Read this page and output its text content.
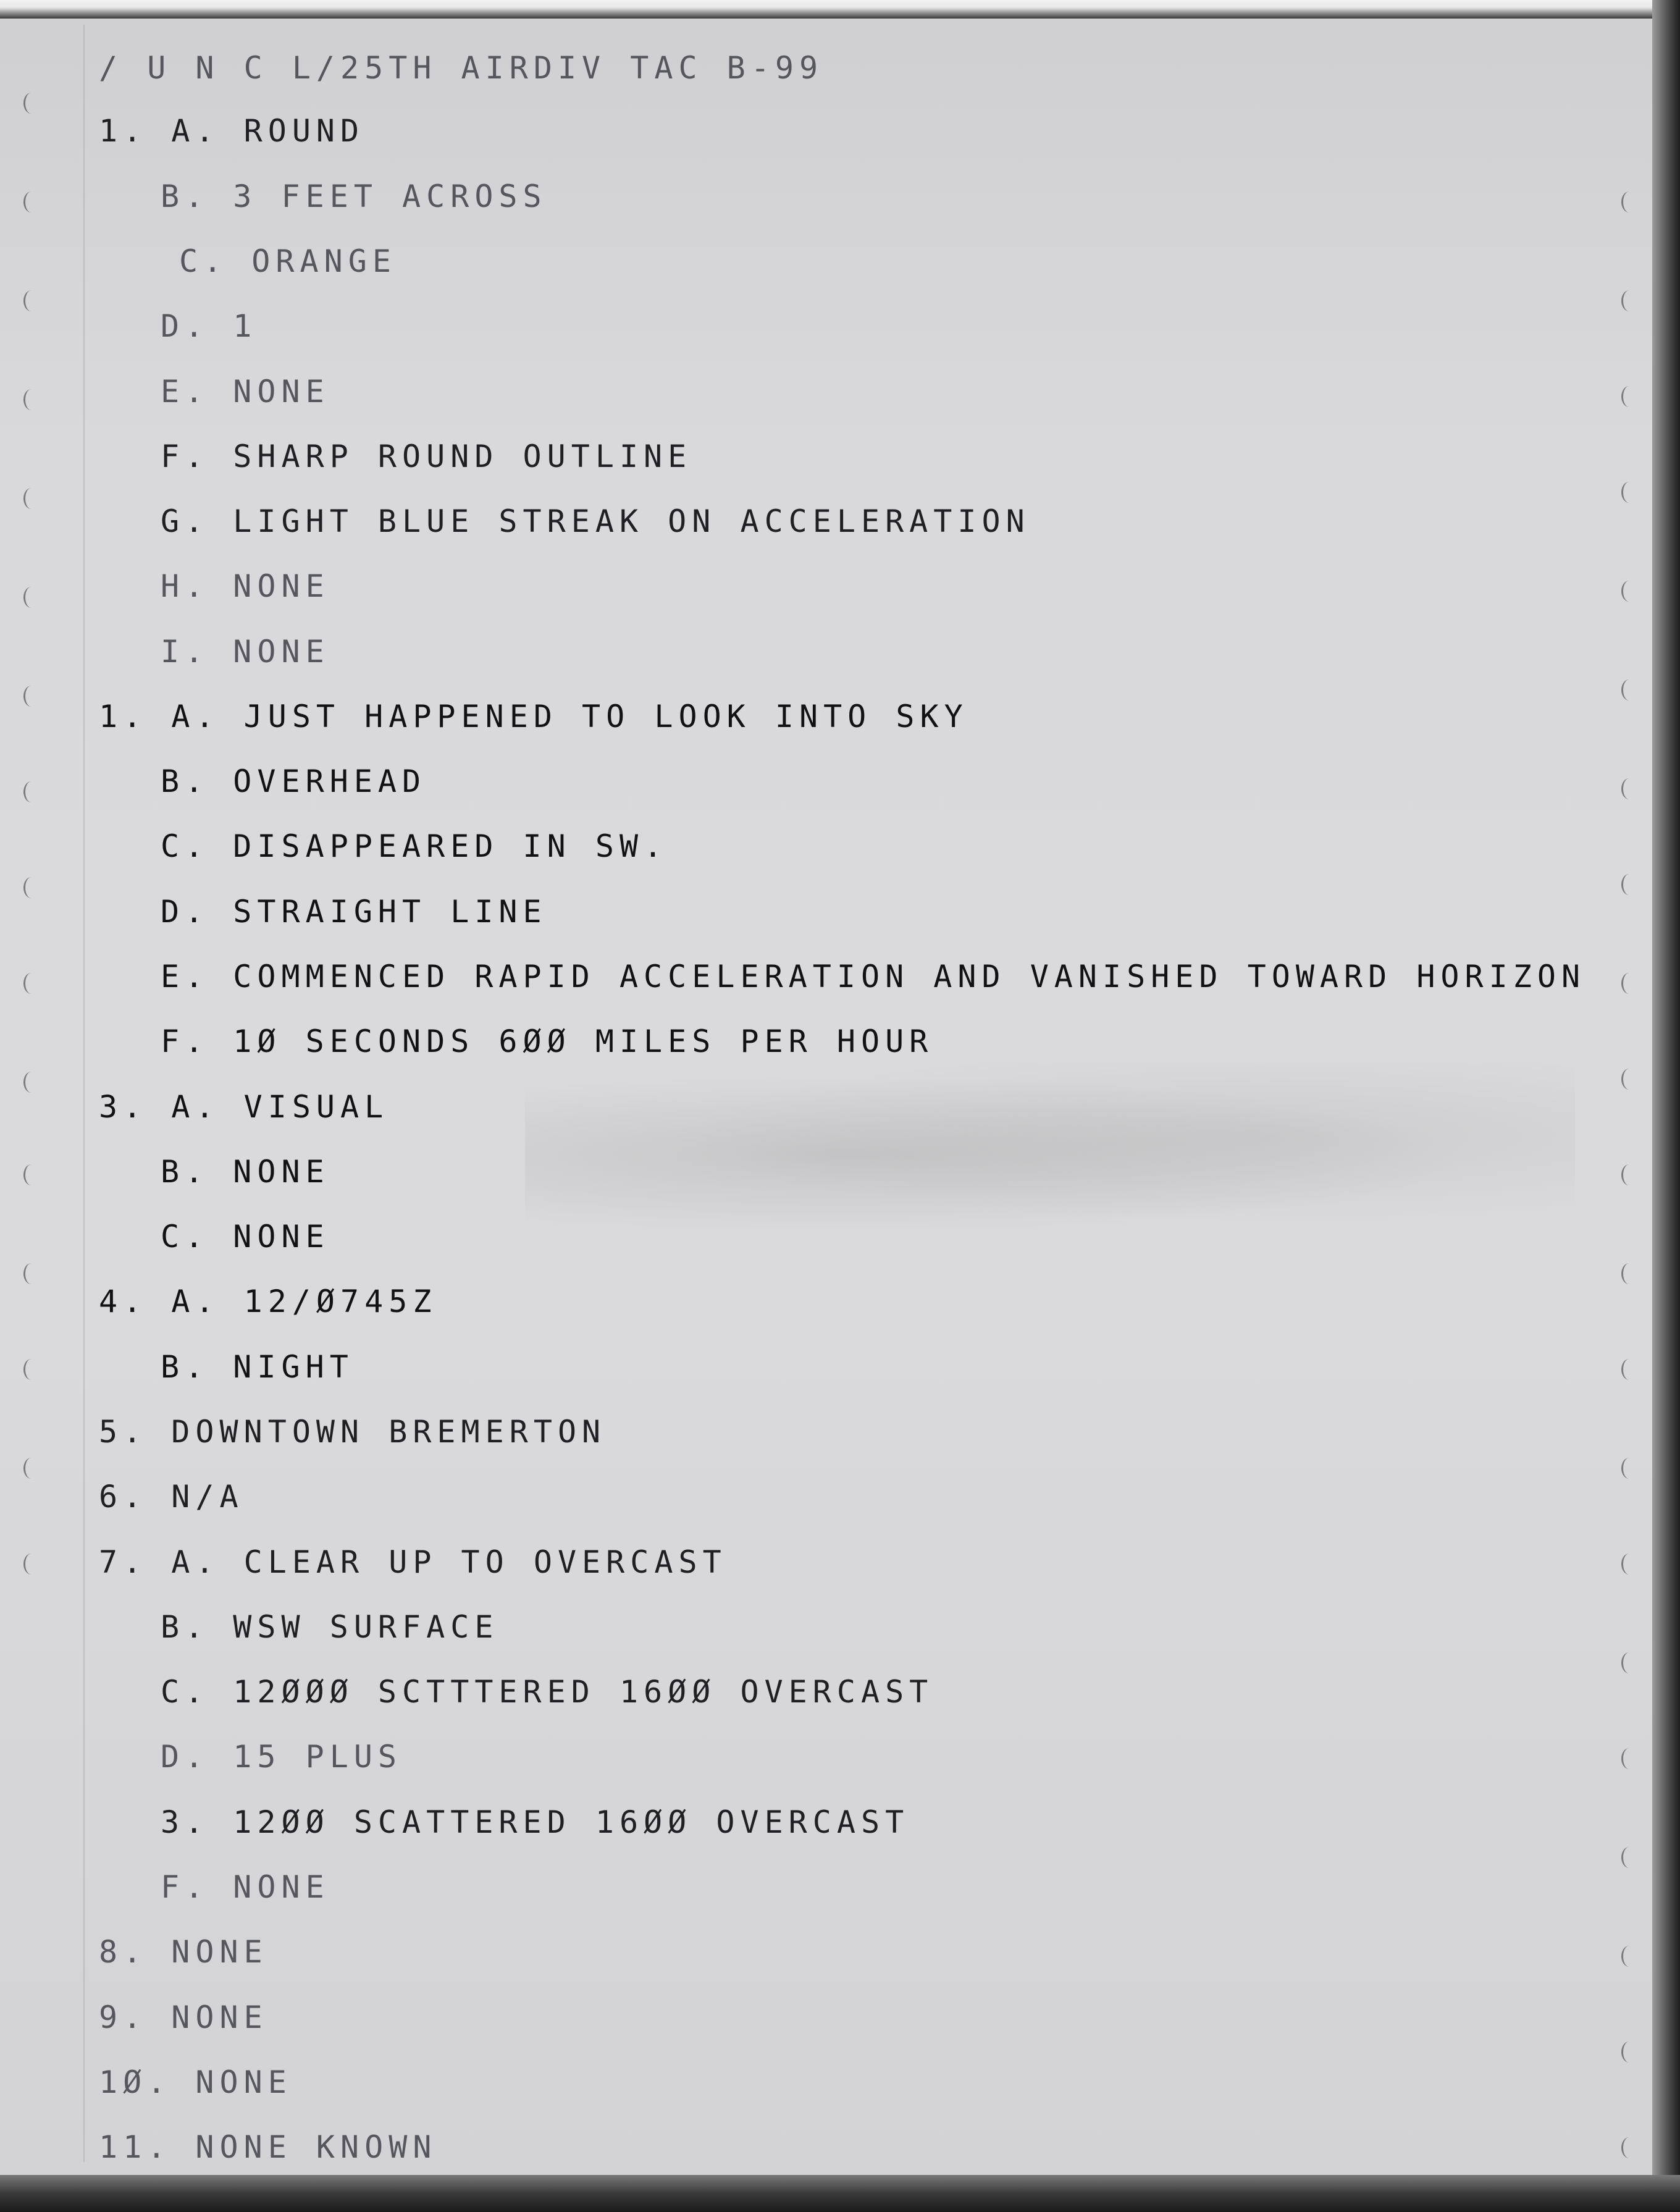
/ U N C L/25TH AIRDIV TAC B-99
1. A. ROUND
B. 3 FEET ACROSS
C. ORANGE
D. 1
E. NONE
F. SHARP ROUND OUTLINE
G. LIGHT BLUE STREAK ON ACCELERATION
H. NONE
I. NONE
1. A. JUST HAPPENED TO LOOK INTO SKY
B. OVERHEAD
C. DISAPPEARED IN SW.
D. STRAIGHT LINE
E. COMMENCED RAPID ACCELERATION AND VANISHED TOWARD HORIZON
F. 1Ø SECONDS 6ØØ MILES PER HOUR
3. A. VISUAL
B. NONE
C. NONE
4. A. 12/Ø745Z
B. NIGHT
5. DOWNTOWN BREMERTON
6. N/A
7. A. CLEAR UP TO OVERCAST
B. WSW SURFACE
C. 12ØØØ SCTTTERED 16ØØ OVERCAST
D. 15 PLUS
3. 12ØØ SCATTERED 16ØØ OVERCAST
F. NONE
8. NONE
9. NONE
1Ø. NONE
11. NONE KNOWN
